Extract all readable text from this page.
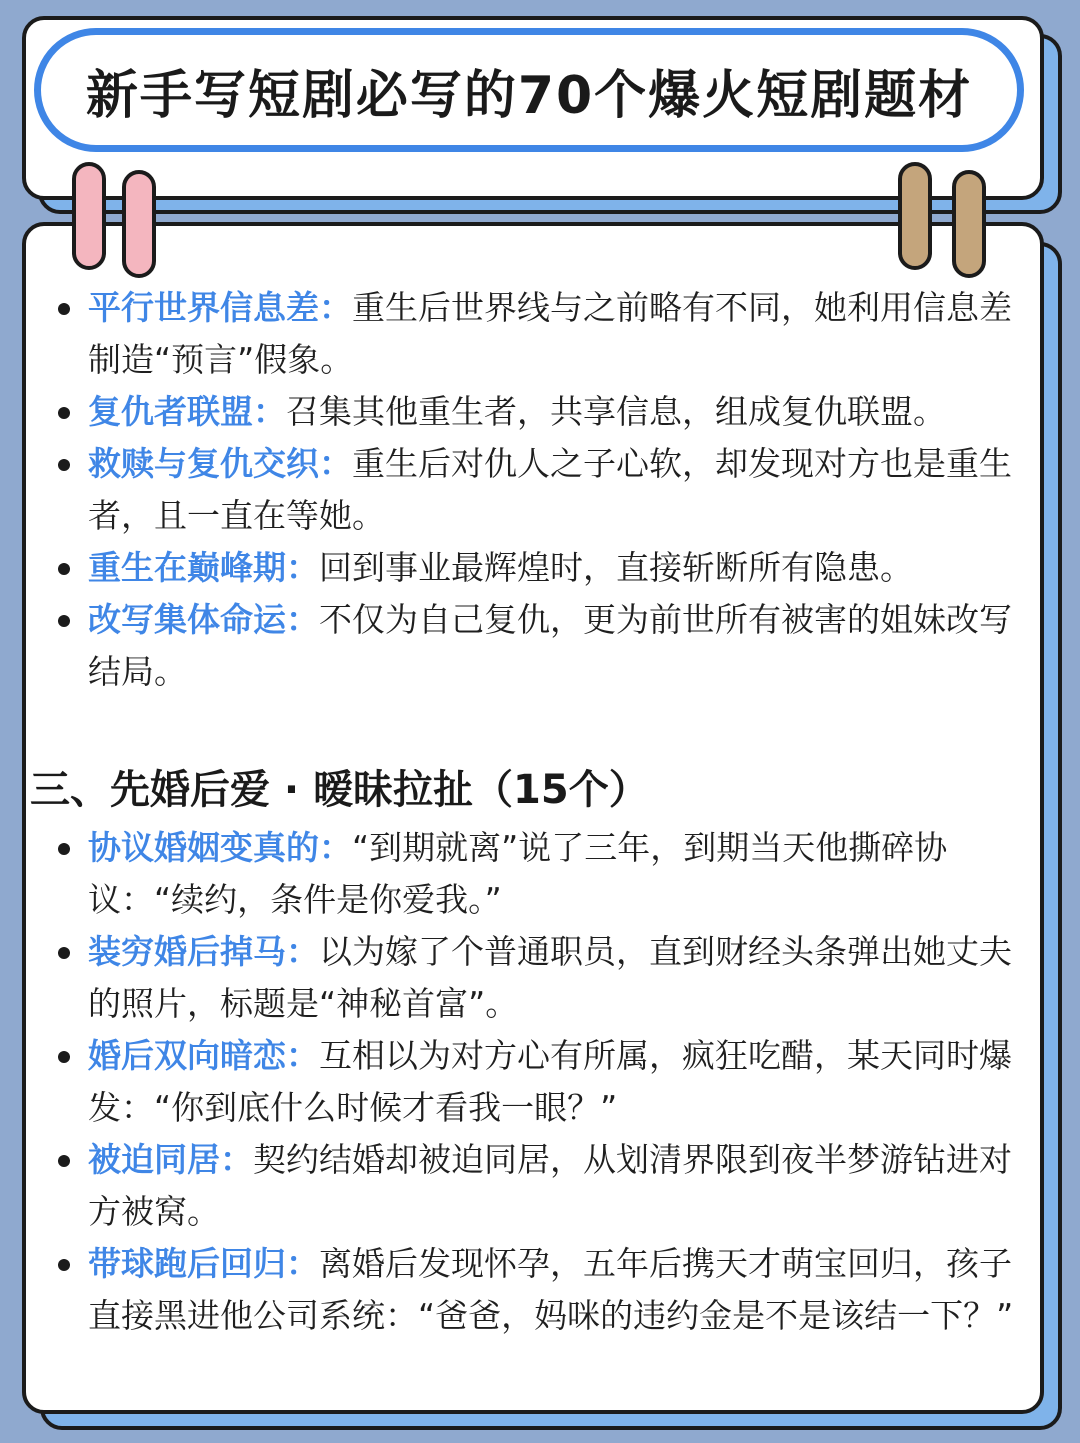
新手写短剧必写的70个爆火短剧题材

平行世界信息差：重生后世界线与之前略有不同，她利用信息差制造“预言”假象。

复仇者联盟：召集其他重生者，共享信息，组成复仇联盟。

救赎与复仇交织：重生后对仇人之子心软，却发现对方也是重生者，且一直在等她。

重生在巅峰期：回到事业最辉煌时，直接斩断所有隐患。

改写集体命运：不仅为自己复仇，更为前世所有被害的姐妹改写结局。

三、先婚后爱 · 暧昧拉扯（15个）

协议婚姻变真的：“到期就离”说了三年，到期当天他撕碎协议：“续约，条件是你爱我。”

装穷婚后掉马：以为嫁了个普通职员，直到财经头条弹出她丈夫的照片，标题是“神秘首富”。

婚后双向暗恋：互相以为对方心有所属，疯狂吃醋，某天同时爆发：“你到底什么时候才看我一眼？”

被迫同居：契约结婚却被迫同居，从划清界限到夜半梦游钻进对方被窝。

带球跑后回归：离婚后发现怀孕，五年后携天才萌宝回归，孩子直接黑进他公司系统：“爸爸，妈咪的违约金是不是该结一下？”
